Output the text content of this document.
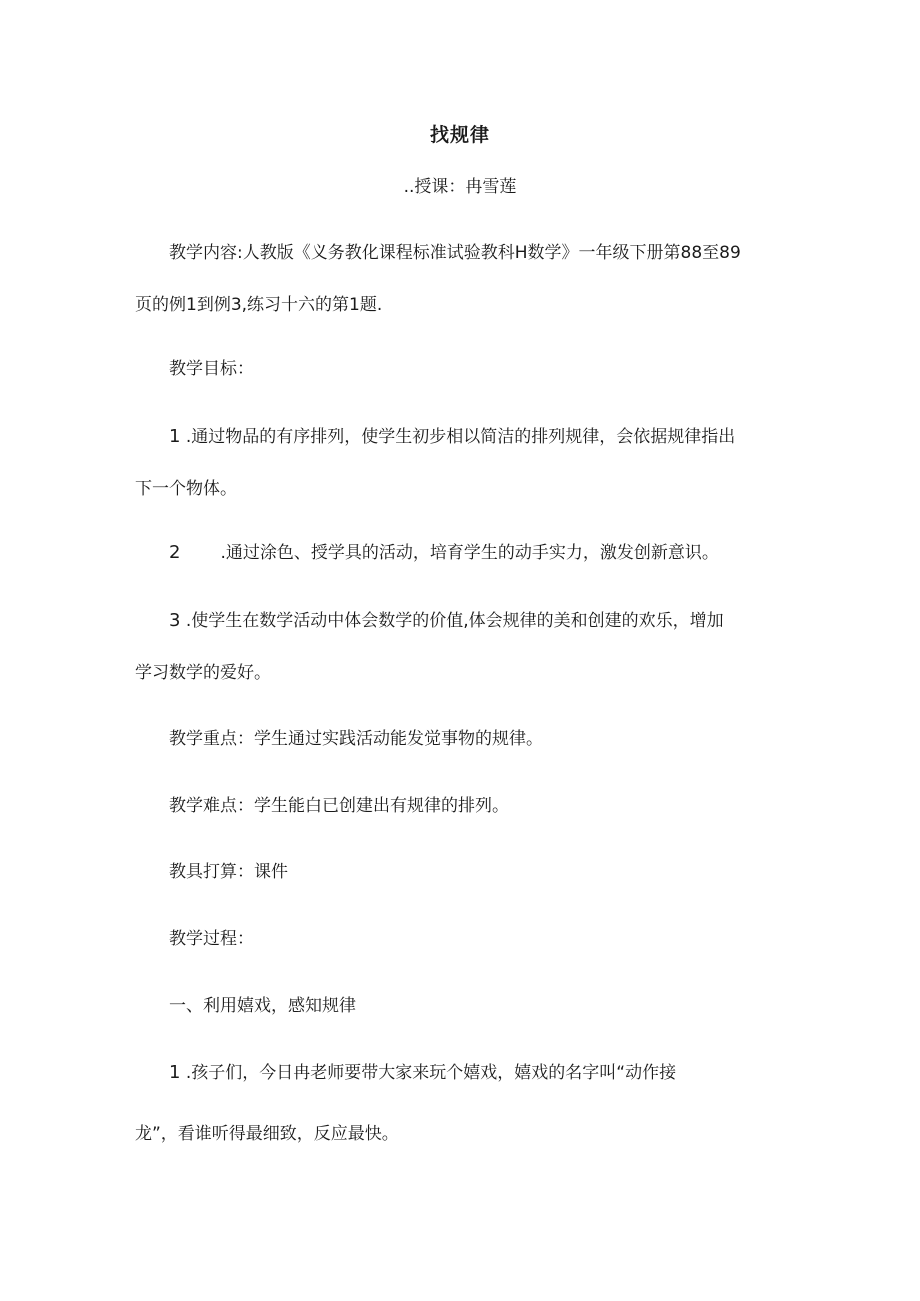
找规律
..授课：冉雪莲
教学内容:人教版《义务教化课程标准试验教科H数学》一年级下册第88至89
页的例1到例3,练习十六的第1题.
教学目标：
1 .通过物品的有序排列，使学生初步相以简洁的排列规律，会依据规律指出
下一个物体。
2 .通过涂色、授学具的活动，培育学生的动手实力，激发创新意识。
3 .使学生在数学活动中体会数学的价值,体会规律的美和创建的欢乐，增加
学习数学的爱好。
教学重点：学生通过实践活动能发觉事物的规律。
教学难点：学生能白已创建出有规律的排列。
教具打算：课件
教学过程：
一、利用嬉戏，感知规律
1 .孩子们，今日冉老师要带大家来玩个嬉戏，嬉戏的名字叫“动作接
龙”，看谁听得最细致，反应最快。
